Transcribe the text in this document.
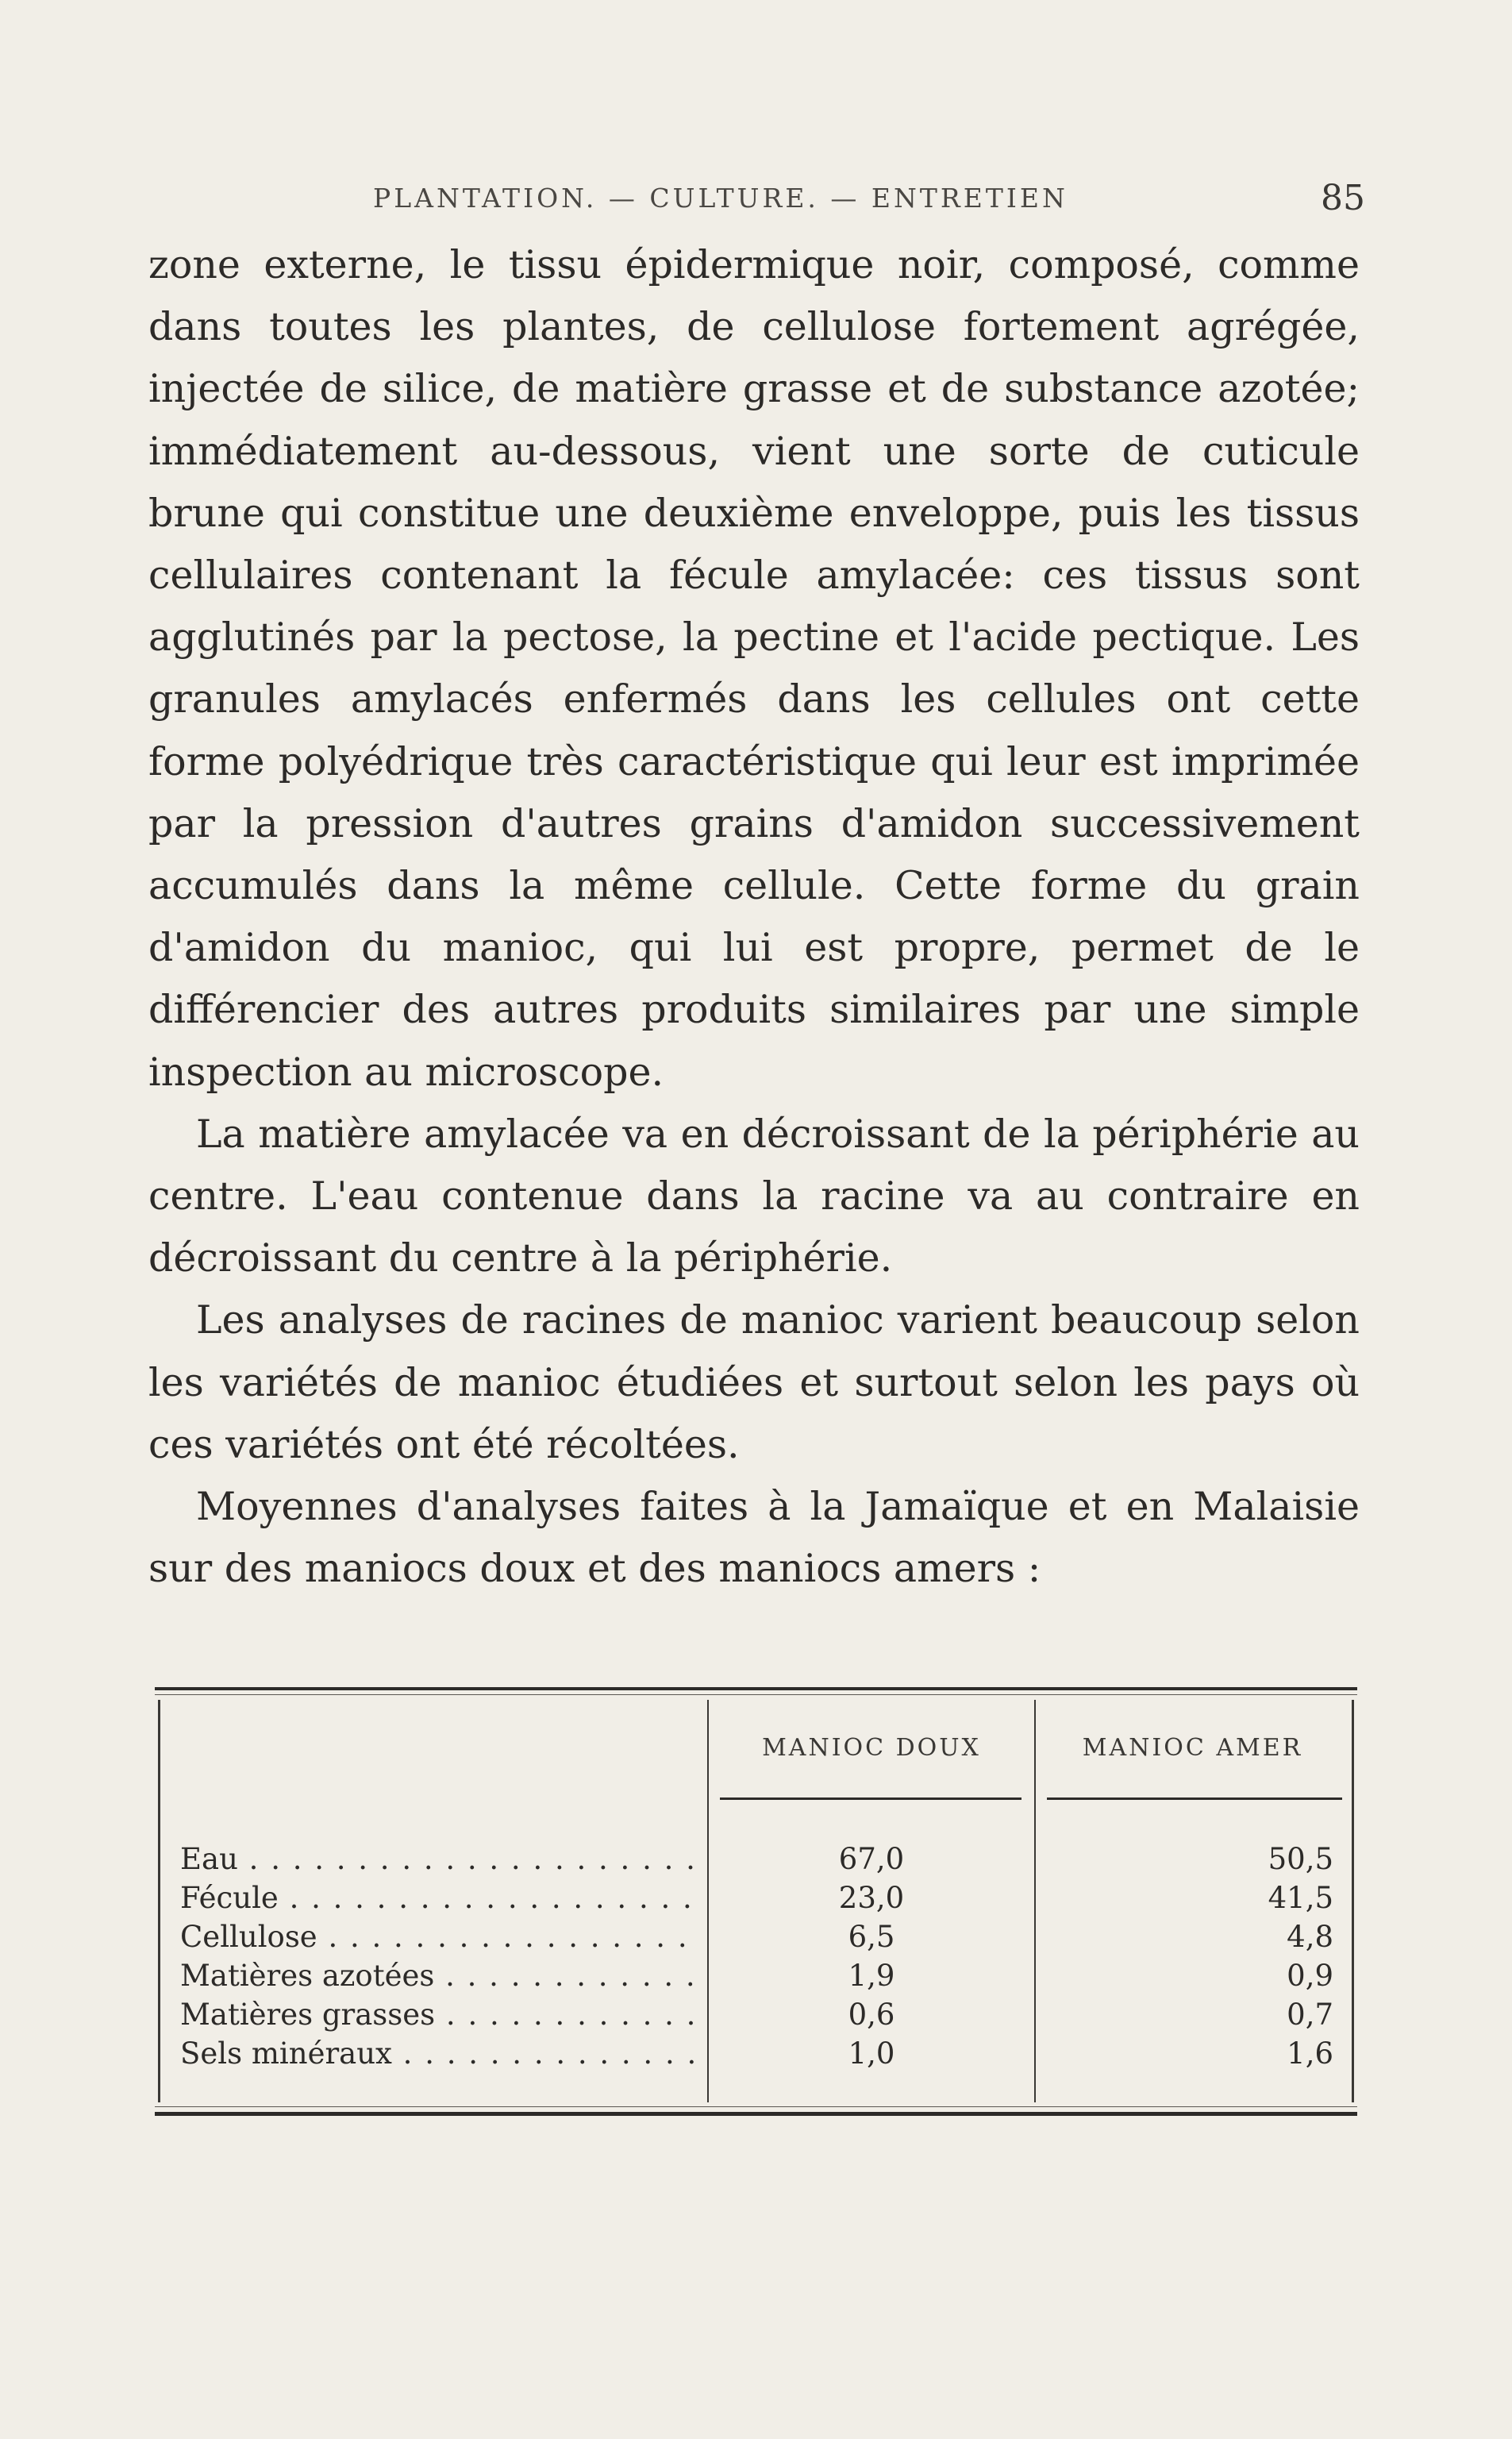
PLANTATION. — CULTURE. — ENTRETIEN	85

zone externe, le tissu épidermique noir, composé, comme dans toutes les plantes, de cellulose fortement agrégée, injectée de silice, de matière grasse et de substance azotée; immédiatement au-dessous, vient une sorte de cuticule brune qui constitue une deuxième enveloppe, puis les tissus cellulaires contenant la fécule amylacée: ces tissus sont agglutinés par la pectose, la pectine et l'acide pectique. Les granules amylacés enfermés dans les cellules ont cette forme polyédrique très caractéristique qui leur est imprimée par la pression d'autres grains d'amidon successivement accumulés dans la même cellule. Cette forme du grain d'amidon du manioc, qui lui est propre, permet de le différencier des autres produits similaires par une simple inspection au microscope.

La matière amylacée va en décroissant de la périphérie au centre. L'eau contenue dans la racine va au contraire en décroissant du centre à la périphérie.

Les analyses de racines de manioc varient beaucoup selon les variétés de manioc étudiées et surtout selon les pays où ces variétés ont été récoltées.

Moyennes d'analyses faites à la Jamaïque et en Malaisie sur des maniocs doux et des maniocs amers :

MANIOC DOUX	MANIOC AMER
Eau . . .	67,0	50,5
Fécule . . .	23,0	41,5
Cellulose . . .	6,5	4,8
Matières azotées . . .	1,9	0,9
Matières grasses . . .	0,6	0,7
Sels minéraux . . .	1,0	1,6
